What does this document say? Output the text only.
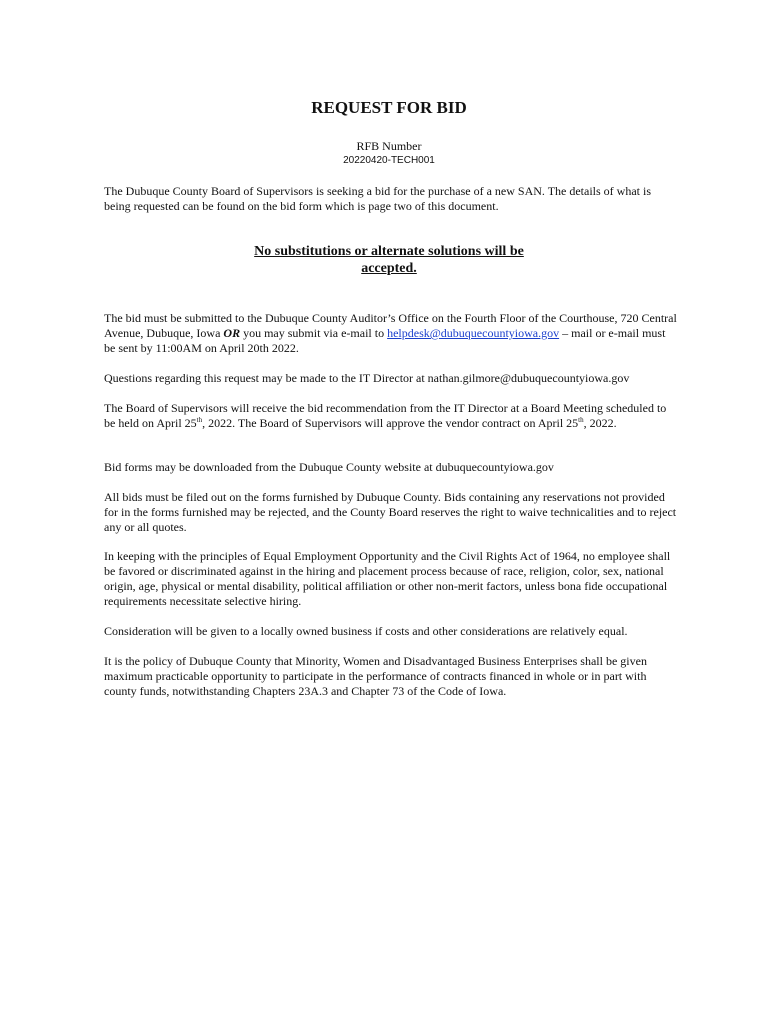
REQUEST FOR BID
RFB Number
20220420-TECH001

The Dubuque County Board of Supervisors is seeking a bid for the purchase of a new SAN. The details of what is being requested can be found on the bid form which is page two of this document.

No substitutions or alternate solutions will be
accepted.

The bid must be submitted to the Dubuque County Auditor’s Office on the Fourth Floor of the Courthouse, 720 Central Avenue, Dubuque, Iowa OR you may submit via e-mail to helpdesk@dubuquecountyiowa.gov – mail or e-mail must be sent by 11:00AM on April 20th 2022.

Questions regarding this request may be made to the IT Director at nathan.gilmore@dubuquecountyiowa.gov

The Board of Supervisors will receive the bid recommendation from the IT Director at a Board Meeting scheduled to be held on April 25th, 2022. The Board of Supervisors will approve the vendor contract on April 25th, 2022.

Bid forms may be downloaded from the Dubuque County website at dubuquecountyiowa.gov

All bids must be filed out on the forms furnished by Dubuque County. Bids containing any reservations not provided for in the forms furnished may be rejected, and the County Board reserves the right to waive technicalities and to reject any or all quotes.

In keeping with the principles of Equal Employment Opportunity and the Civil Rights Act of 1964, no employee shall be favored or discriminated against in the hiring and placement process because of race, religion, color, sex, national origin, age, physical or mental disability, political affiliation or other non-merit factors, unless bona fide occupational requirements necessitate selective hiring.

Consideration will be given to a locally owned business if costs and other considerations are relatively equal.

It is the policy of Dubuque County that Minority, Women and Disadvantaged Business Enterprises shall be given maximum practicable opportunity to participate in the performance of contracts financed in whole or in part with county funds, notwithstanding Chapters 23A.3 and Chapter 73 of the Code of Iowa.
